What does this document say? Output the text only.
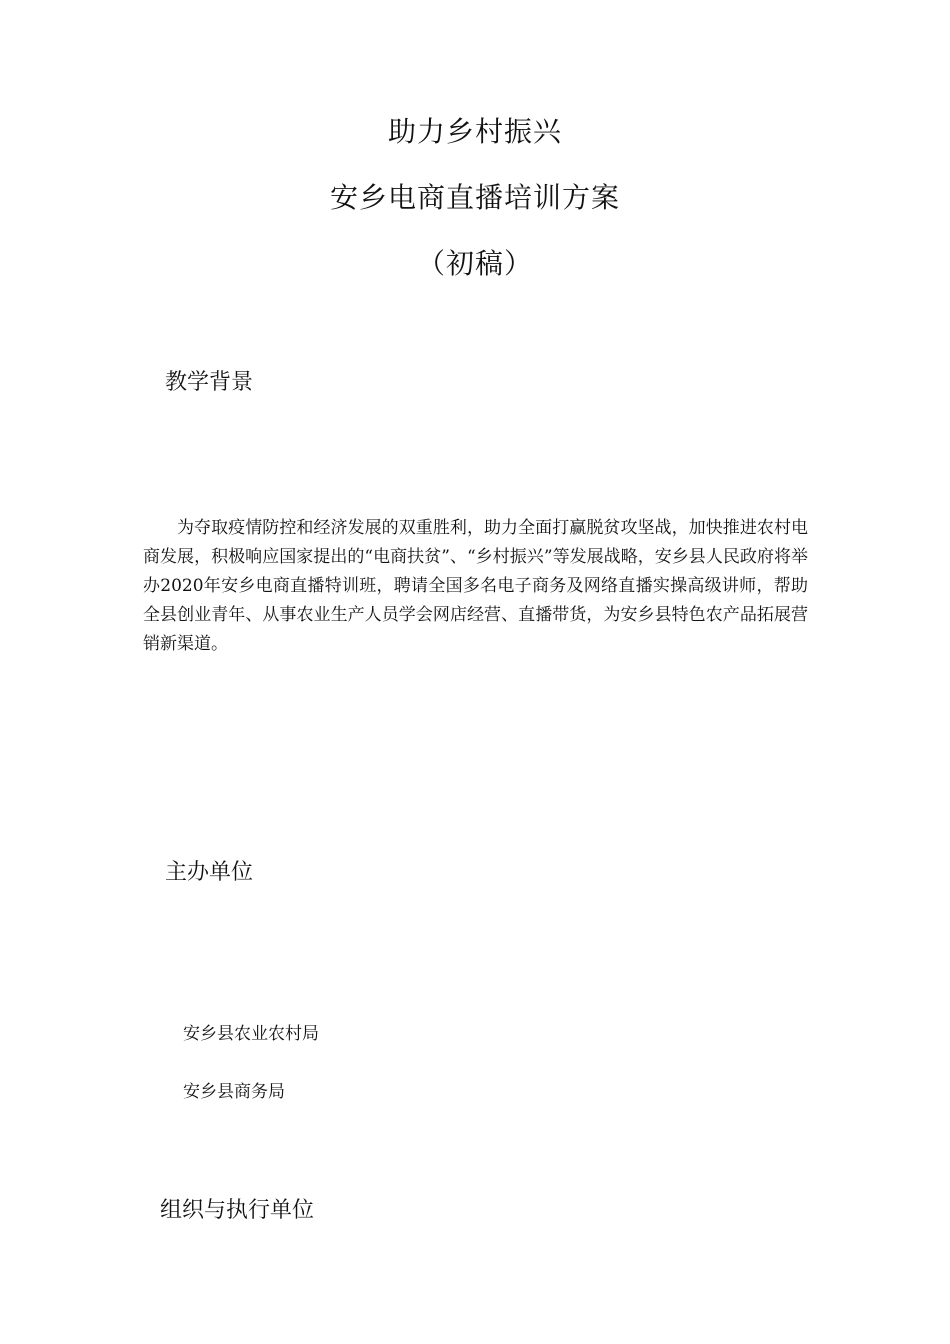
助力乡村振兴
安乡电商直播培训方案
（初稿）
教学背景
为夺取疫情防控和经济发展的双重胜利，助力全面打赢脱贫攻坚战，加快推进农村电商发展，积极响应国家提出的“电商扶贫”、“乡村振兴”等发展战略，安乡县人民政府将举办2020年安乡电商直播特训班，聘请全国多名电子商务及网络直播实操高级讲师，帮助全县创业青年、从事农业生产人员学会网店经营、直播带货，为安乡县特色农产品拓展营销新渠道。
主办单位
安乡县农业农村局
安乡县商务局
组织与执行单位
